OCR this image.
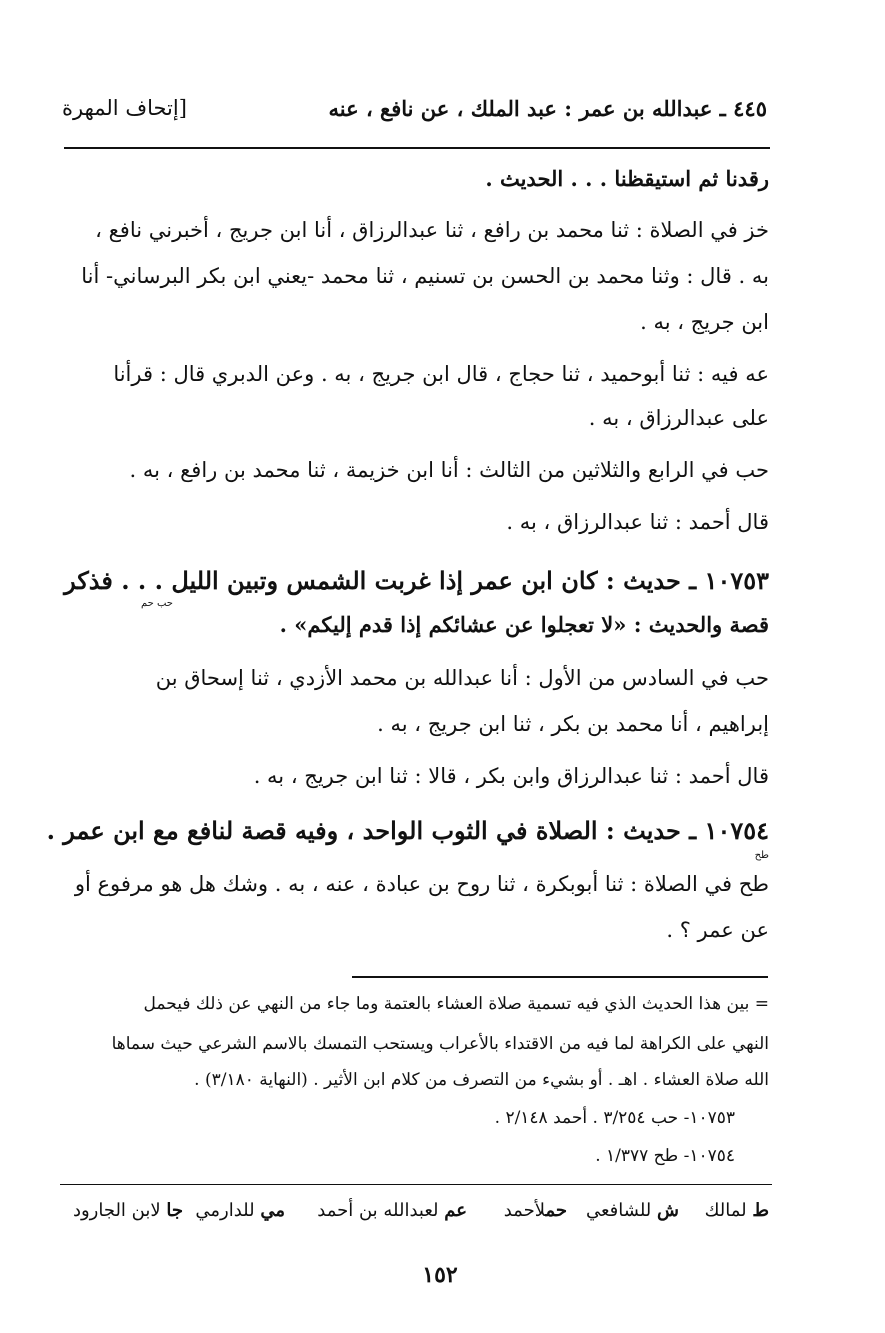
٤٤٥ ـ عبدالله بن عمر : عبد الملك ، عن نافع ، عنه
[إتحاف المهرة
رقدنا ثم استيقظنا . . . الحديث .
خز في الصلاة : ثنا محمد بن رافع ، ثنا عبدالرزاق ، أنا ابن جريج ، أخبرني نافع ،
به . قال : وثنا محمد بن الحسن بن تسنيم ، ثنا محمد -يعني ابن بكر البرساني- أنا
ابن جريج ، به .
عه فيه : ثنا أبوحميد ، ثنا حجاج ، قال ابن جريج ، به . وعن الدبري قال : قرأنا
على عبدالرزاق ، به .
حب في الرابع والثلاثين من الثالث : أنا ابن خزيمة ، ثنا محمد بن رافع ، به .
قال أحمد : ثنا عبدالرزاق ، به .
١٠٧٥٣ ـ حديث : كان ابن عمر إذا غربت الشمس وتبين الليل . . . فذكر
حب حم
قصة والحديث : «لا تعجلوا عن عشائكم إذا قدم إليكم» .
حب في السادس من الأول : أنا عبدالله بن محمد الأزدي ، ثنا إسحاق بن
إبراهيم ، أنا محمد بن بكر ، ثنا ابن جريج ، به .
قال أحمد : ثنا عبدالرزاق وابن بكر ، قالا : ثنا ابن جريج ، به .
١٠٧٥٤ ـ حديث : الصلاة في الثوب الواحد ، وفيه قصة لنافع مع ابن عمر .
طح
طح في الصلاة : ثنا أبوبكرة ، ثنا روح بن عبادة ، عنه ، به . وشك هل هو مرفوع أو
عن عمر ؟ .
= بين هذا الحديث الذي فيه تسمية صلاة العشاء بالعتمة وما جاء من النهي عن ذلك فيحمل
النهي على الكراهة لما فيه من الاقتداء بالأعراب ويستحب التمسك بالاسم الشرعي حيث سماها
الله صلاة العشاء . اهـ . أو بشيء من التصرف من كلام ابن الأثير . (النهاية ٣/١٨٠) .
١٠٧٥٣- حب ٣/٢٥٤ . أحمد ٢/١٤٨ .
١٠٧٥٤- طح ١/٣٧٧ .
ط لمالك
ش للشافعي
حملأحمد
عم لعبدالله بن أحمد
مي للدارمي
جا لابن الجارود
١٥٢
